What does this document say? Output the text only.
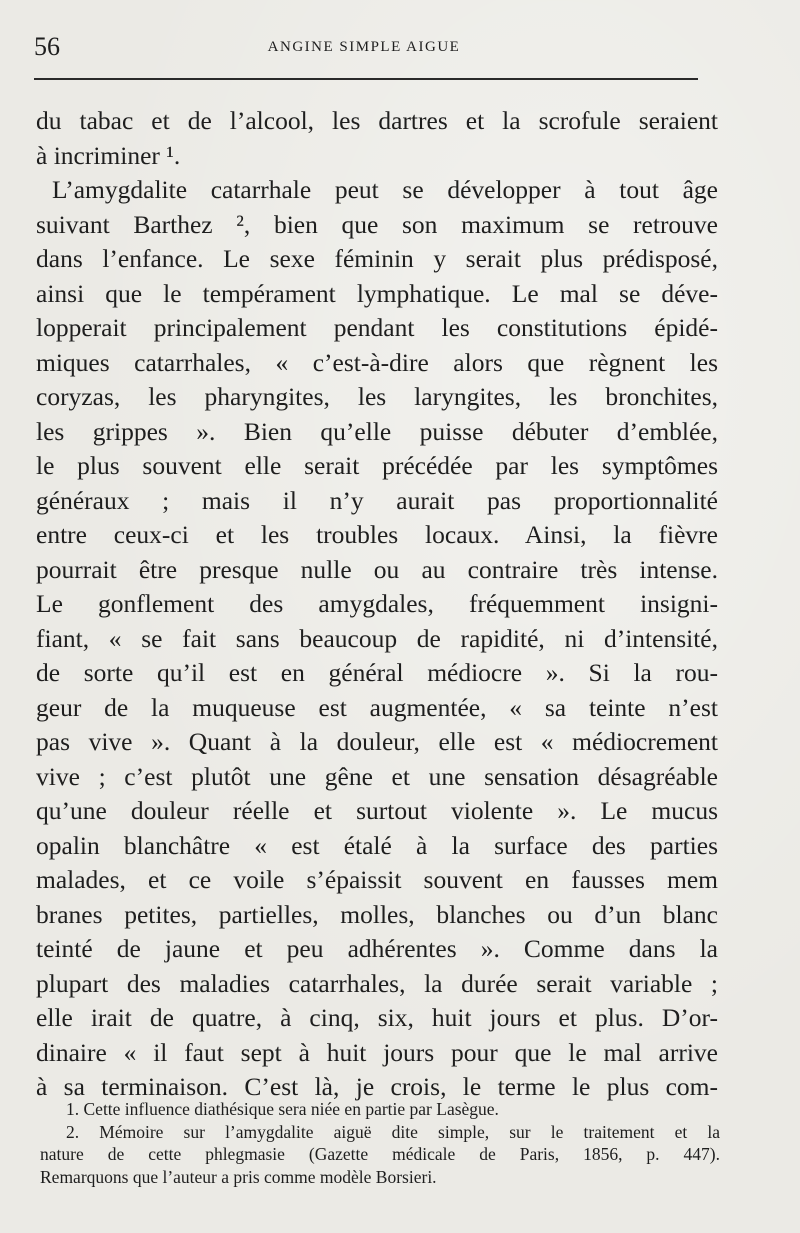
56	ANGINE SIMPLE AIGUE
du tabac et de l’alcool, les dartres et la scrofule seraient
à incriminer ¹.
L’amygdalite catarrhale peut se développer à tout âge
suivant Barthez ², bien que son maximum se retrouve
dans l’enfance. Le sexe féminin y serait plus prédisposé,
ainsi que le tempérament lymphatique. Le mal se déve-
lopperait principalement pendant les constitutions épidé-
miques catarrhales, « c’est-à-dire alors que règnent les
coryzas, les pharyngites, les laryngites, les bronchites,
les grippes ». Bien qu’elle puisse débuter d’emblée,
le plus souvent elle serait précédée par les symptômes
généraux ; mais il n’y aurait pas proportionnalité
entre ceux-ci et les troubles locaux. Ainsi, la fièvre
pourrait être presque nulle ou au contraire très intense.
Le gonflement des amygdales, fréquemment insigni-
fiant, « se fait sans beaucoup de rapidité, ni d’intensité,
de sorte qu’il est en général médiocre ». Si la rou-
geur de la muqueuse est augmentée, « sa teinte n’est
pas vive ». Quant à la douleur, elle est « médiocrement
vive ; c’est plutôt une gêne et une sensation désagréable
qu’une douleur réelle et surtout violente ». Le mucus
opalin blanchâtre « est étalé à la surface des parties
malades, et ce voile s’épaissit souvent en fausses mem
branes petites, partielles, molles, blanches ou d’un blanc
teinté de jaune et peu adhérentes ». Comme dans la
plupart des maladies catarrhales, la durée serait variable ;
elle irait de quatre, à cinq, six, huit jours et plus. D’or-
dinaire « il faut sept à huit jours pour que le mal arrive
à sa terminaison. C’est là, je crois, le terme le plus com-
1. Cette influence diathésique sera niée en partie par Lasègue.
2. Mémoire sur l’amygdalite aiguë dite simple, sur le traitement et la
nature de cette phlegmasie (Gazette médicale de Paris, 1856, p. 447).
Remarquons que l’auteur a pris comme modèle Borsieri.
